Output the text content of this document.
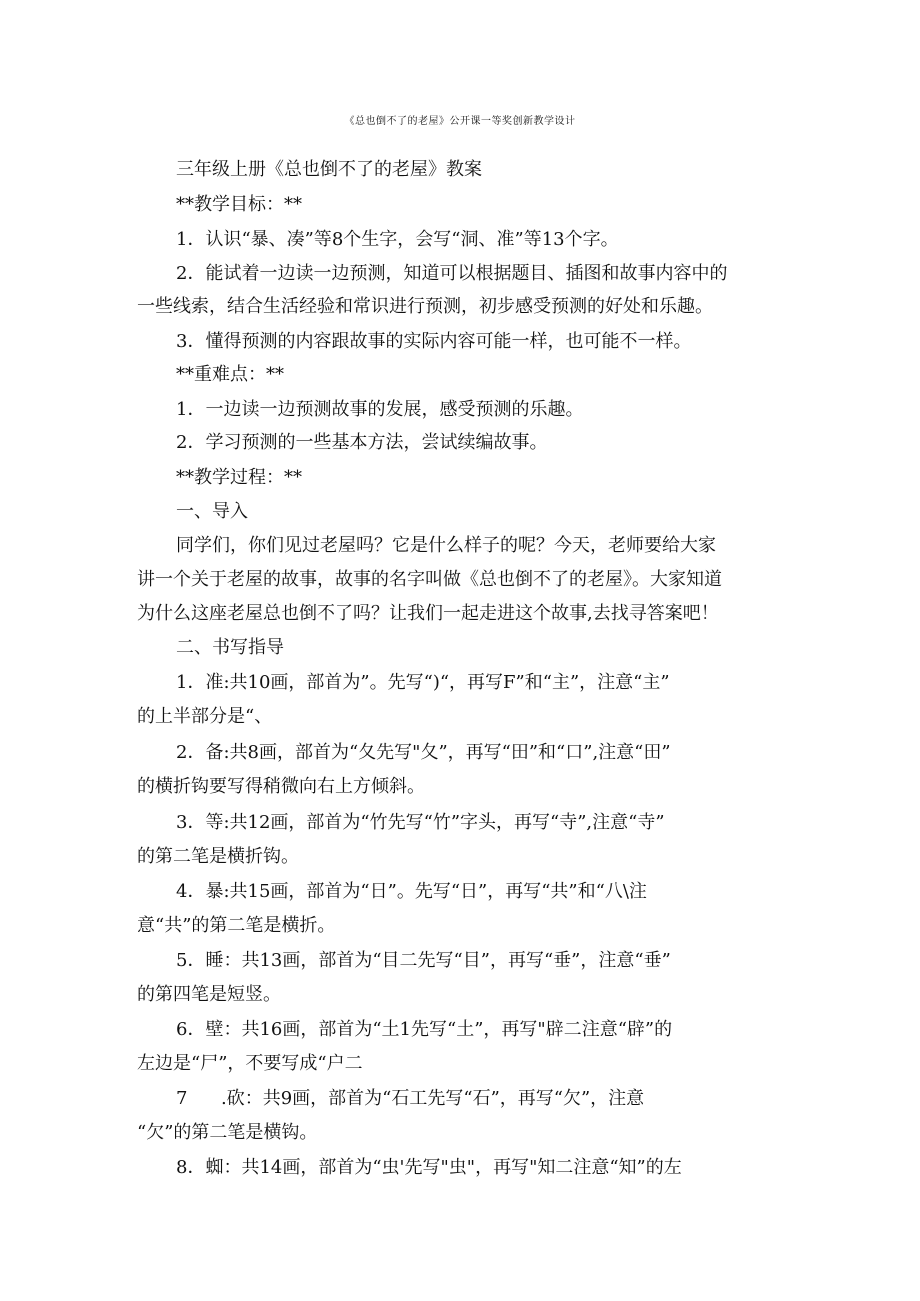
《总也倒不了的老屋》公开课一等奖创新教学设计
三年级上册《总也倒不了的老屋》教案
**教学目标：**
1．认识“暴、凑”等8个生字，会写“洞、准”等13个字。
2．能试着一边读一边预测，知道可以根据题目、插图和故事内容中的
一些线索，结合生活经验和常识进行预测，初步感受预测的好处和乐趣。
3．懂得预测的内容跟故事的实际内容可能一样，也可能不一样。
**重难点：**
1．一边读一边预测故事的发展，感受预测的乐趣。
2．学习预测的一些基本方法，尝试续编故事。
**教学过程：**
一、导入
同学们，你们见过老屋吗？它是什么样子的呢？今天，老师要给大家
讲一个关于老屋的故事，故事的名字叫做《总也倒不了的老屋》。大家知道
为什么这座老屋总也倒不了吗？让我们一起走进这个故事,去找寻答案吧！
二、书写指导
1．准:共10画，部首为”。先写“)“，再写F”和“主”，注意“主”
的上半部分是“、
2．备:共8画，部首为“夂先写"夂”，再写“田”和“口”,注意“田”
的横折钩要写得稍微向右上方倾斜。
3．等:共12画，部首为“竹先写“竹”字头，再写“寺”,注意“寺”
的第二笔是横折钩。
4．暴:共15画，部首为“日”。先写“日”，再写“共”和“八\注
意“共”的第二笔是横折。
5．睡：共13画，部首为“目二先写“目”，再写“垂”，注意“垂”
的第四笔是短竖。
6．壁：共16画，部首为“土1先写“土”，再写"辟二注意“辟”的
左边是“尸”，不要写成“户二
7 .砍：共9画，部首为“石工先写“石”，再写“欠”，注意
“欠”的第二笔是横钩。
8．蜘：共14画，部首为“虫'先写"虫"，再写"知二注意“知”的左
